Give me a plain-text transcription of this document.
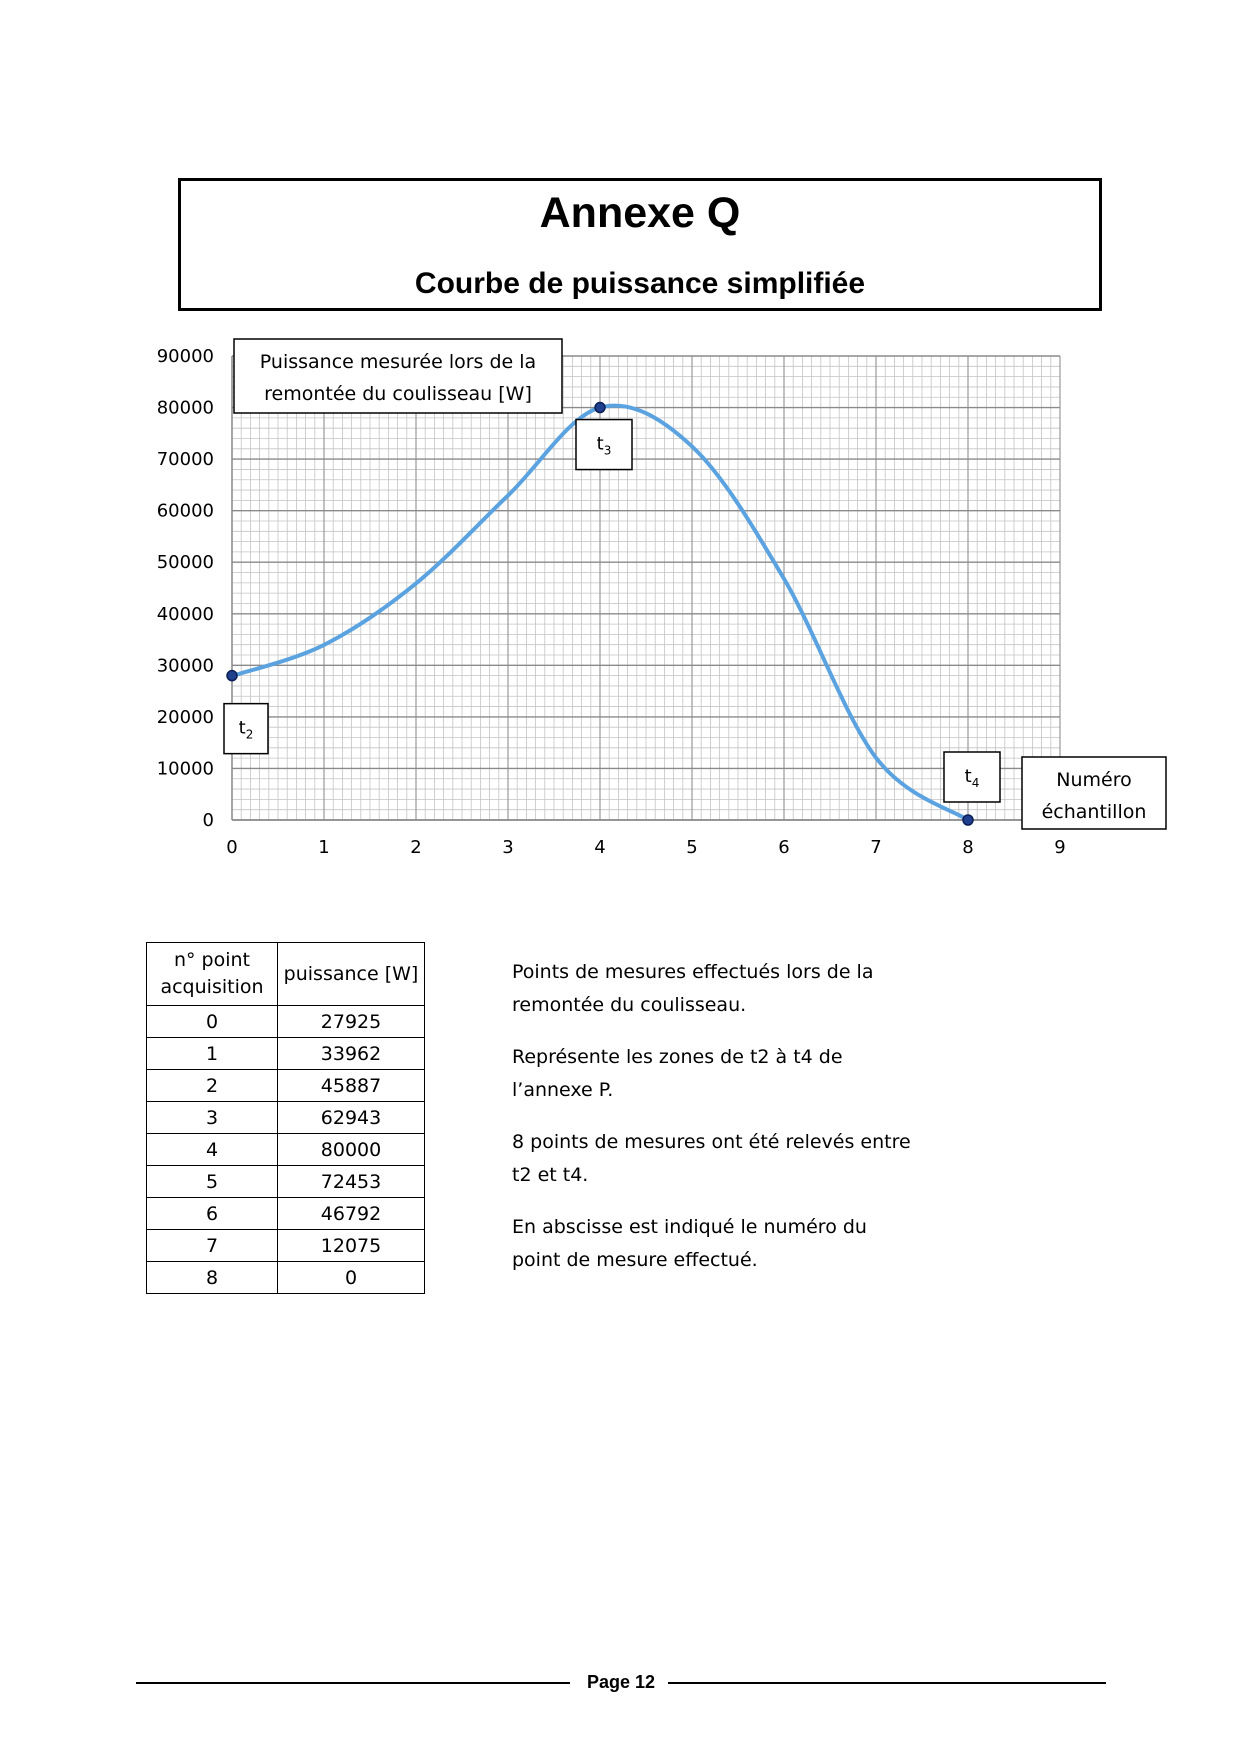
Annexe Q
Courbe de puissance simplifiée
0
10000
20000
30000
40000
50000
60000
70000
80000
90000
0	1	2	3	4	5	6	7	8	9
$t_2$
$t_3$
$t_4$
Puissance mesurée lors de la
remontée du coulisseau [W]
Numéro
échantillon
n° point
acquisition	puissance [W]
0	27925
1	33962
2	45887
3	62943
4	80000
5	72453
6	46792
7	12075
8	0

Points de mesures effectués lors de la remontée du coulisseau.

Représente les zones de t2 à t4 de l’annexe P.

8 points de mesures ont été relevés entre t2 et t4.

En abscisse est indiqué le numéro du point de mesure effectué.

Page 12
